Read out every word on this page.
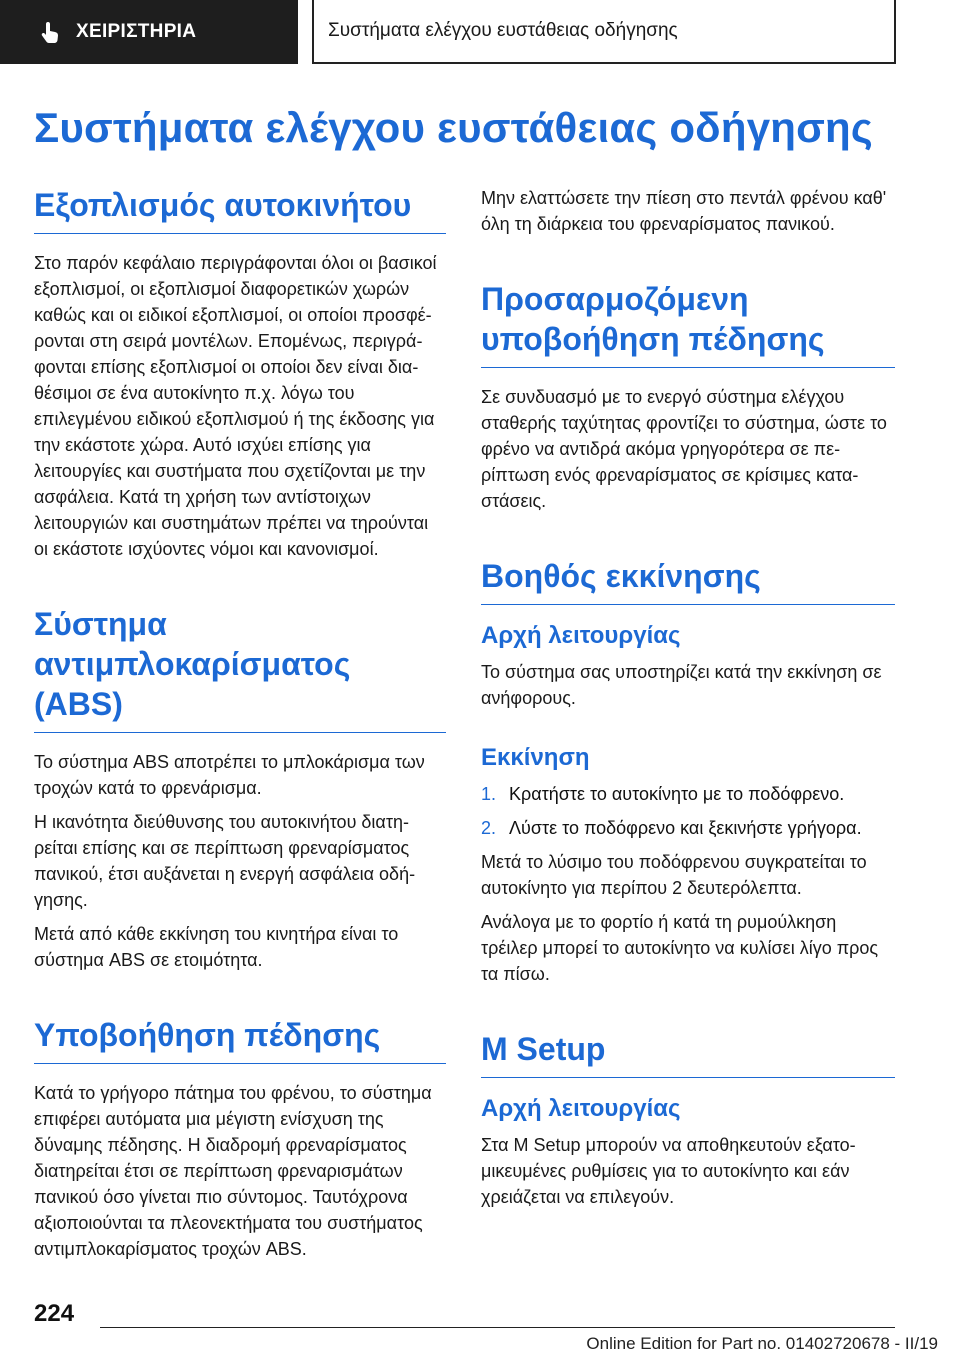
ΧΕΙΡΙΣΤΗΡΙΑ	Συστήματα ελέγχου ευστάθειας οδήγησης
Συστήματα ελέγχου ευστάθειας οδήγησης
Εξοπλισμός αυτοκινήτου

Στο παρόν κεφάλαιο περιγράφονται όλοι οι βασικοί εξοπλισμοί, οι εξοπλισμοί διαφορετικών χωρών καθώς και οι ειδικοί εξοπλισμοί, οι οποίοι προσφέρονται στη σειρά μοντέλων. Επομένως, περιγράφονται επίσης εξοπλισμοί οι οποίοι δεν είναι διαθέσιμοι σε ένα αυτοκίνητο π.χ. λόγω του επιλεγμένου ειδικού εξοπλισμού ή της έκδοσης για την εκάστοτε χώρα. Αυτό ισχύει επίσης για λειτουργίες και συστήματα που σχετίζονται με την ασφάλεια. Κατά τη χρήση των αντίστοιχων λειτουργιών και συστημάτων πρέπει να τηρούνται οι εκάστοτε ισχύοντες νόμοι και κανονισμοί.

Σύστημα αντιμπλοκαρίσματος (ABS)

Το σύστημα ABS αποτρέπει το μπλοκάρισμα των τροχών κατά το φρενάρισμα.

Η ικανότητα διεύθυνσης του αυτοκινήτου διατηρείται επίσης και σε περίπτωση φρεναρίσματος πανικού, έτσι αυξάνεται η ενεργή ασφάλεια οδήγησης.

Μετά από κάθε εκκίνηση του κινητήρα είναι το σύστημα ABS σε ετοιμότητα.

Υποβοήθηση πέδησης

Κατά το γρήγορο πάτημα του φρένου, το σύστημα επιφέρει αυτόματα μια μέγιστη ενίσχυση της δύναμης πέδησης. Η διαδρομή φρεναρίσματος διατηρείται έτσι σε περίπτωση φρεναρισμάτων πανικού όσο γίνεται πιο σύντομος. Ταυτόχρονα αξιοποιούνται τα πλεονεκτήματα του συστήματος αντιμπλοκαρίσματος τροχών ABS.

Μην ελαττώσετε την πίεση στο πεντάλ φρένου καθ' όλη τη διάρκεια του φρεναρίσματος πανικού.

Προσαρμοζόμενη υποβοήθηση πέδησης

Σε συνδυασμό με το ενεργό σύστημα ελέγχου σταθερής ταχύτητας φροντίζει το σύστημα, ώστε το φρένο να αντιδρά ακόμα γρηγορότερα σε περίπτωση ενός φρεναρίσματος σε κρίσιμες καταστάσεις.

Βοηθός εκκίνησης
Αρχή λειτουργίας

Το σύστημα σας υποστηρίζει κατά την εκκίνηση σε ανήφορους.

Εκκίνηση
1. Κρατήστε το αυτοκίνητο με το ποδόφρενο.
2. Λύστε το ποδόφρενο και ξεκινήστε γρήγορα.

Μετά το λύσιμο του ποδόφρενου συγκρατείται το αυτοκίνητο για περίπου 2 δευτερόλεπτα.

Ανάλογα με το φορτίο ή κατά τη ρυμούλκηση τρέιλερ μπορεί το αυτοκίνητο να κυλίσει λίγο προς τα πίσω.

M Setup
Αρχή λειτουργίας

Στα M Setup μπορούν να αποθηκευτούν εξατομικευμένες ρυθμίσεις για το αυτοκίνητο και εάν χρειάζεται να επιλεγούν.

224
Online Edition for Part no. 01402720678 - II/19
